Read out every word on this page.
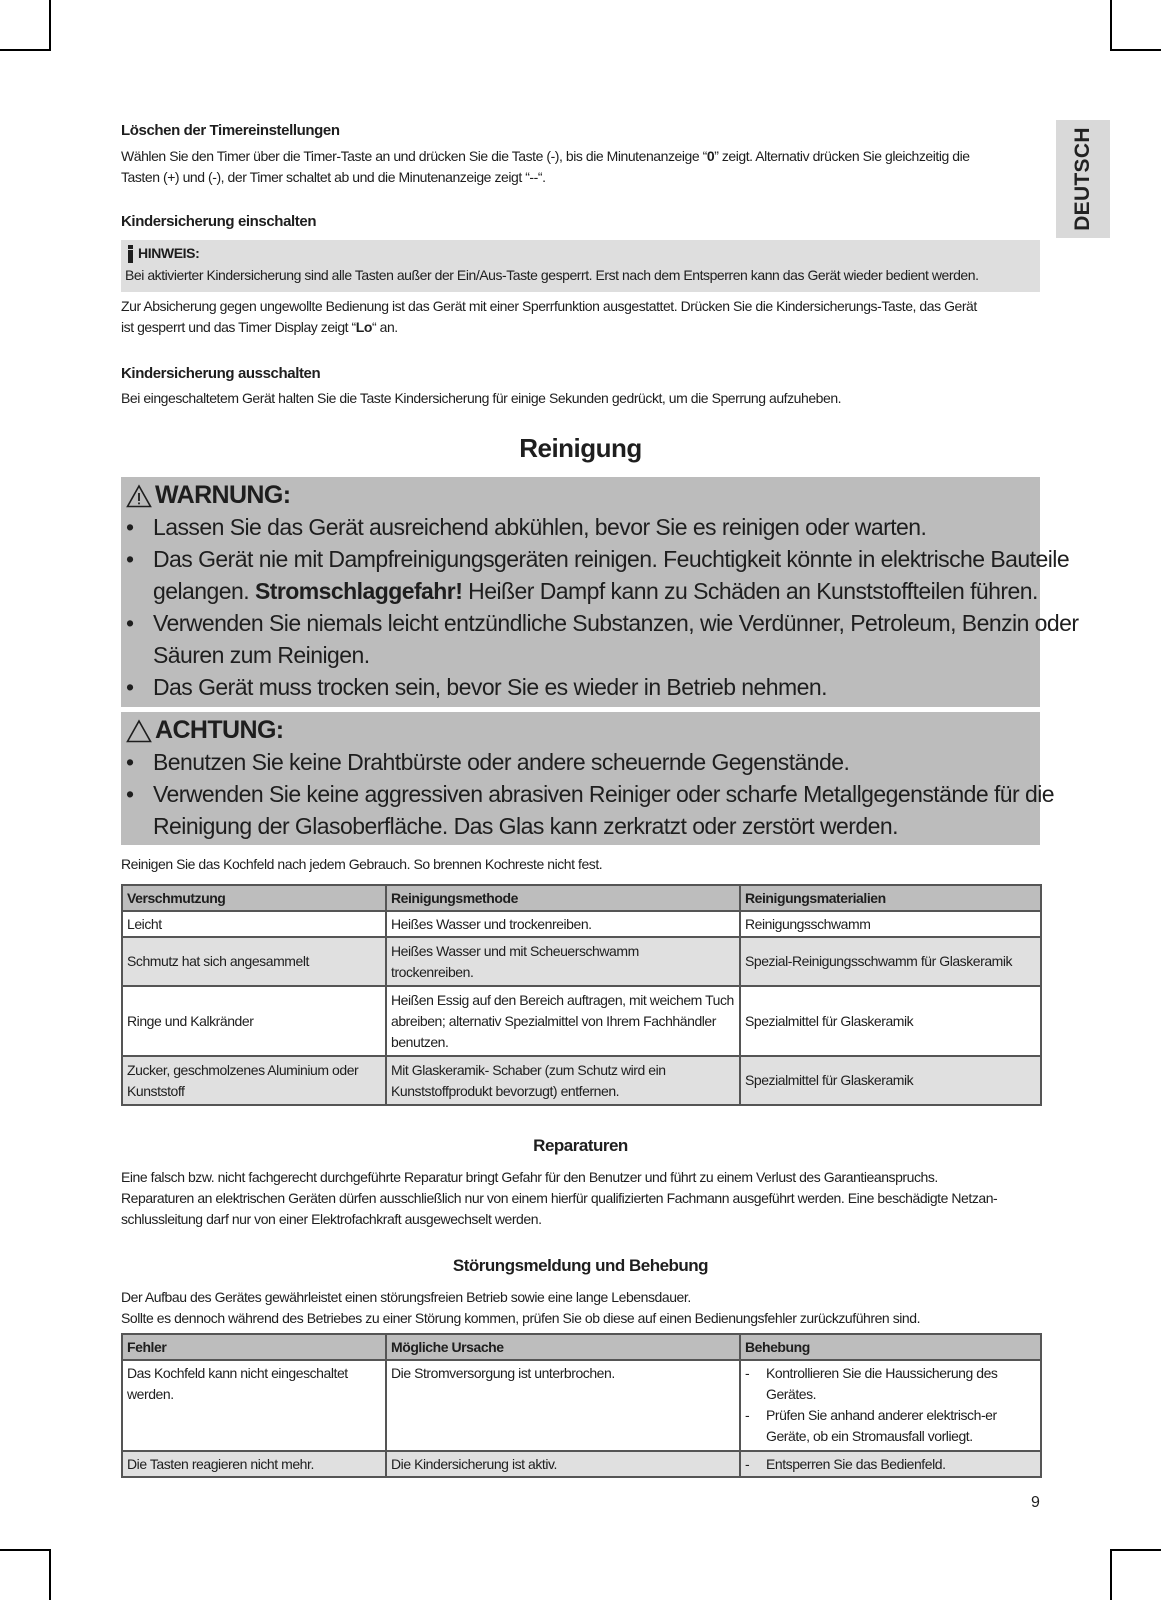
DEUTSCH
Löschen der Timereinstellungen
Wählen Sie den Timer über die Timer-Taste an und drücken Sie die Taste (-), bis die Minutenanzeige “0” zeigt. Alternativ drücken Sie gleichzeitig die
Tasten (+) und (-), der Timer schaltet ab und die Minutenanzeige zeigt “--“.
Kindersicherung einschalten
HINWEIS:
Bei aktivierter Kindersicherung sind alle Tasten außer der Ein/Aus-Taste gesperrt. Erst nach dem Entsperren kann das Gerät wieder bedient werden.
Zur Absicherung gegen ungewollte Bedienung ist das Gerät mit einer Sperrfunktion ausgestattet. Drücken Sie die Kindersicherungs-Taste, das Gerät
ist gesperrt und das Timer Display zeigt “Lo“ an.
Kindersicherung ausschalten
Bei eingeschaltetem Gerät halten Sie die Taste Kindersicherung für einige Sekunden gedrückt, um die Sperrung aufzuheben.
Reinigung
WARNUNG:
• Lassen Sie das Gerät ausreichend abkühlen, bevor Sie es reinigen oder warten.
• Das Gerät nie mit Dampfreinigungsgeräten reinigen. Feuchtigkeit könnte in elektrische Bauteile
gelangen. Stromschlaggefahr! Heißer Dampf kann zu Schäden an Kunststoffteilen führen.
• Verwenden Sie niemals leicht entzündliche Substanzen, wie Verdünner, Petroleum, Benzin oder
Säuren zum Reinigen.
• Das Gerät muss trocken sein, bevor Sie es wieder in Betrieb nehmen.
ACHTUNG:
• Benutzen Sie keine Drahtbürste oder andere scheuernde Gegenstände.
• Verwenden Sie keine aggressiven abrasiven Reiniger oder scharfe Metallgegenstände für die
Reinigung der Glasoberfläche. Das Glas kann zerkratzt oder zerstört werden.
Reinigen Sie das Kochfeld nach jedem Gebrauch. So brennen Kochreste nicht fest.
Verschmutzung	Reinigungsmethode	Reinigungsmaterialien
Leicht	Heißes Wasser und trockenreiben.	Reinigungsschwamm
Schmutz hat sich angesammelt	Heißes Wasser und mit Scheuerschwamm trockenreiben.	Spezial-Reinigungsschwamm für Glaskeramik
Ringe und Kalkränder	Heißen Essig auf den Bereich auftragen, mit weichem Tuch abreiben; alternativ Spezialmittel von Ihrem Fachhändler benutzen.	Spezialmittel für Glaskeramik
Zucker, geschmolzenes Aluminium oder Kunststoff	Mit Glaskeramik- Schaber (zum Schutz wird ein Kunststoffprodukt bevorzugt) entfernen.	Spezialmittel für Glaskeramik
Reparaturen
Eine falsch bzw. nicht fachgerecht durchgeführte Reparatur bringt Gefahr für den Benutzer und führt zu einem Verlust des Garantieanspruchs.
Reparaturen an elektrischen Geräten dürfen ausschließlich nur von einem hierfür qualifizierten Fachmann ausgeführt werden. Eine beschädigte Netzan-
schlussleitung darf nur von einer Elektrofachkraft ausgewechselt werden.
Störungsmeldung und Behebung
Der Aufbau des Gerätes gewährleistet einen störungsfreien Betrieb sowie eine lange Lebensdauer.
Sollte es dennoch während des Betriebes zu einer Störung kommen, prüfen Sie ob diese auf einen Bedienungsfehler zurückzuführen sind.
Fehler	Mögliche Ursache	Behebung
Das Kochfeld kann nicht eingeschaltet werden.	Die Stromversorgung ist unterbrochen.	- Kontrollieren Sie die Haussicherung des Gerätes.
- Prüfen Sie anhand anderer elektrisch-er Geräte, ob ein Stromausfall vorliegt.

Die Tasten reagieren nicht mehr.	Die Kindersicherung ist aktiv.	- Entsperren Sie das Bedienfeld.
9
